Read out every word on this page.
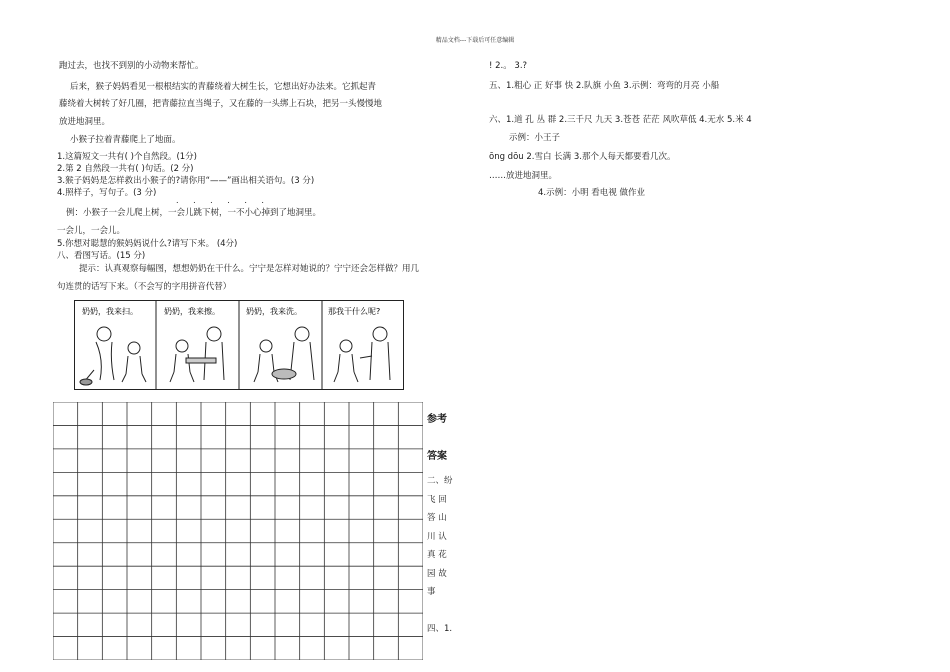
精品文档---下载后可任意编辑
跑过去，也找不到别的小动物来帮忙。
后来，猴子妈妈看见一根根结实的青藤绕着大树生长，它想出好办法来。它抓起青
藤绕着大树转了好几圈，把青藤拉直当绳子，又在藤的一头绑上石块，把另一头慢慢地
放进地洞里。
小猴子拉着青藤爬上了地面。
1.这篇短文一共有( )个自然段。(1分)
2.第 2 自然段一共有( )句话。(2 分)
3.猴子妈妈是怎样救出小猴子的?请你用“——”画出相关语句。(3 分)
4.照样子，写句子。(3 分)
. . . . . .
例：小猴子一会儿爬上树，一会儿跳下树，一不小心掉到了地洞里。
一会儿，一会儿。
5.你想对聪慧的猴妈妈说什么?请写下来。 (4分)
八、看图写话。(15 分)
提示：认真观察每幅图，想想奶奶在干什么。宁宁是怎样对她说的？宁宁还会怎样做？用几
句连贯的话写下来。（不会写的字用拼音代替）
奶奶，我来扫。	奶奶，我来擦。	奶奶，我来洗。	那我干什么呢?
参考
答案
二、纷
飞 回
答 山
川 认
真 花
园 故
事
四、1.
! 2.。 3.?
五、1.粗心 正 好事 快 2.队旗 小鱼 3.示例：弯弯的月亮 小船
六、1.道 孔 丛 群 2.三千尺 九天 3.苍苍 茫茫 风吹草低 4.无水 5.米 4
示例：小王子
ōng dōu 2.雪白 长满 3.那个人每天都要看几次。
……放进地洞里。
4.示例：小明 看电视 做作业
